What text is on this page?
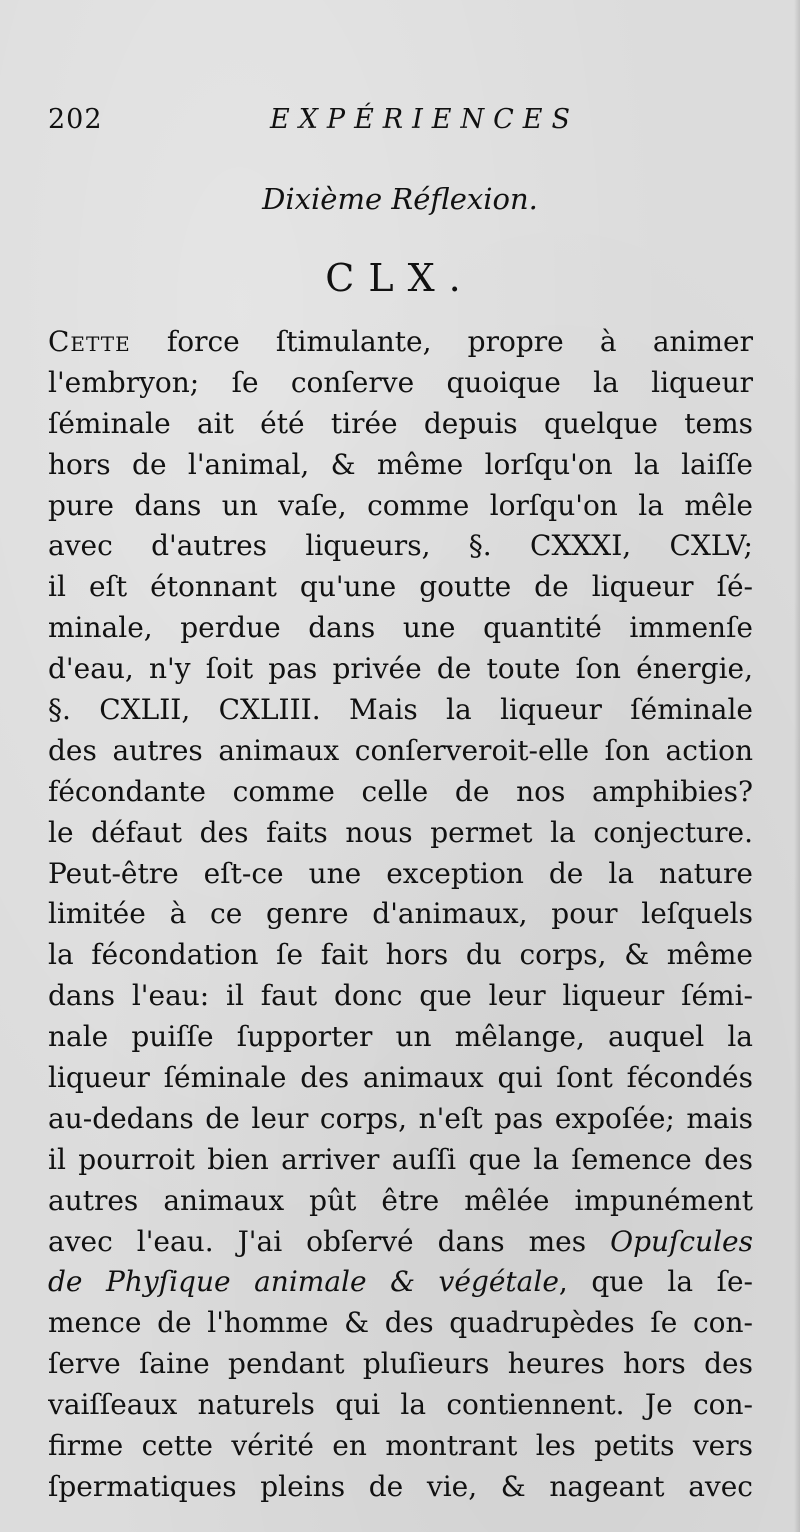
202	EXPÉRIENCES
Dixième Réflexion.
CLX.
Cette force ſtimulante, propre à animer
l'embryon; ſe conſerve quoique la liqueur
ſéminale ait été tirée depuis quelque tems
hors de l'animal, & même lorſqu'on la laiſſe
pure dans un vaſe, comme lorſqu'on la mêle
avec d'autres liqueurs, §. CXXXI, CXLV;
il eſt étonnant qu'une goutte de liqueur ſé-
minale, perdue dans une quantité immenſe
d'eau, n'y ſoit pas privée de toute ſon énergie,
§. CXLII, CXLIII. Mais la liqueur ſéminale
des autres animaux conſerveroit-elle ſon action
fécondante comme celle de nos amphibies?
le défaut des faits nous permet la conjecture.
Peut-être eſt-ce une exception de la nature
limitée à ce genre d'animaux, pour leſquels
la fécondation ſe fait hors du corps, & même
dans l'eau: il faut donc que leur liqueur ſémi-
nale puiſſe ſupporter un mêlange, auquel la
liqueur ſéminale des animaux qui ſont fécondés
au-dedans de leur corps, n'eſt pas expoſée; mais
il pourroit bien arriver auſſi que la ſemence des
autres animaux pût être mêlée impunément
avec l'eau. J'ai obſervé dans mes Opuſcules
de Phyſique animale & végétale, que la ſe-
mence de l'homme & des quadrupèdes ſe con-
ſerve ſaine pendant pluſieurs heures hors des
vaiſſeaux naturels qui la contiennent. Je con-
firme cette vérité en montrant les petits vers
ſpermatiques pleins de vie, & nageant avec
